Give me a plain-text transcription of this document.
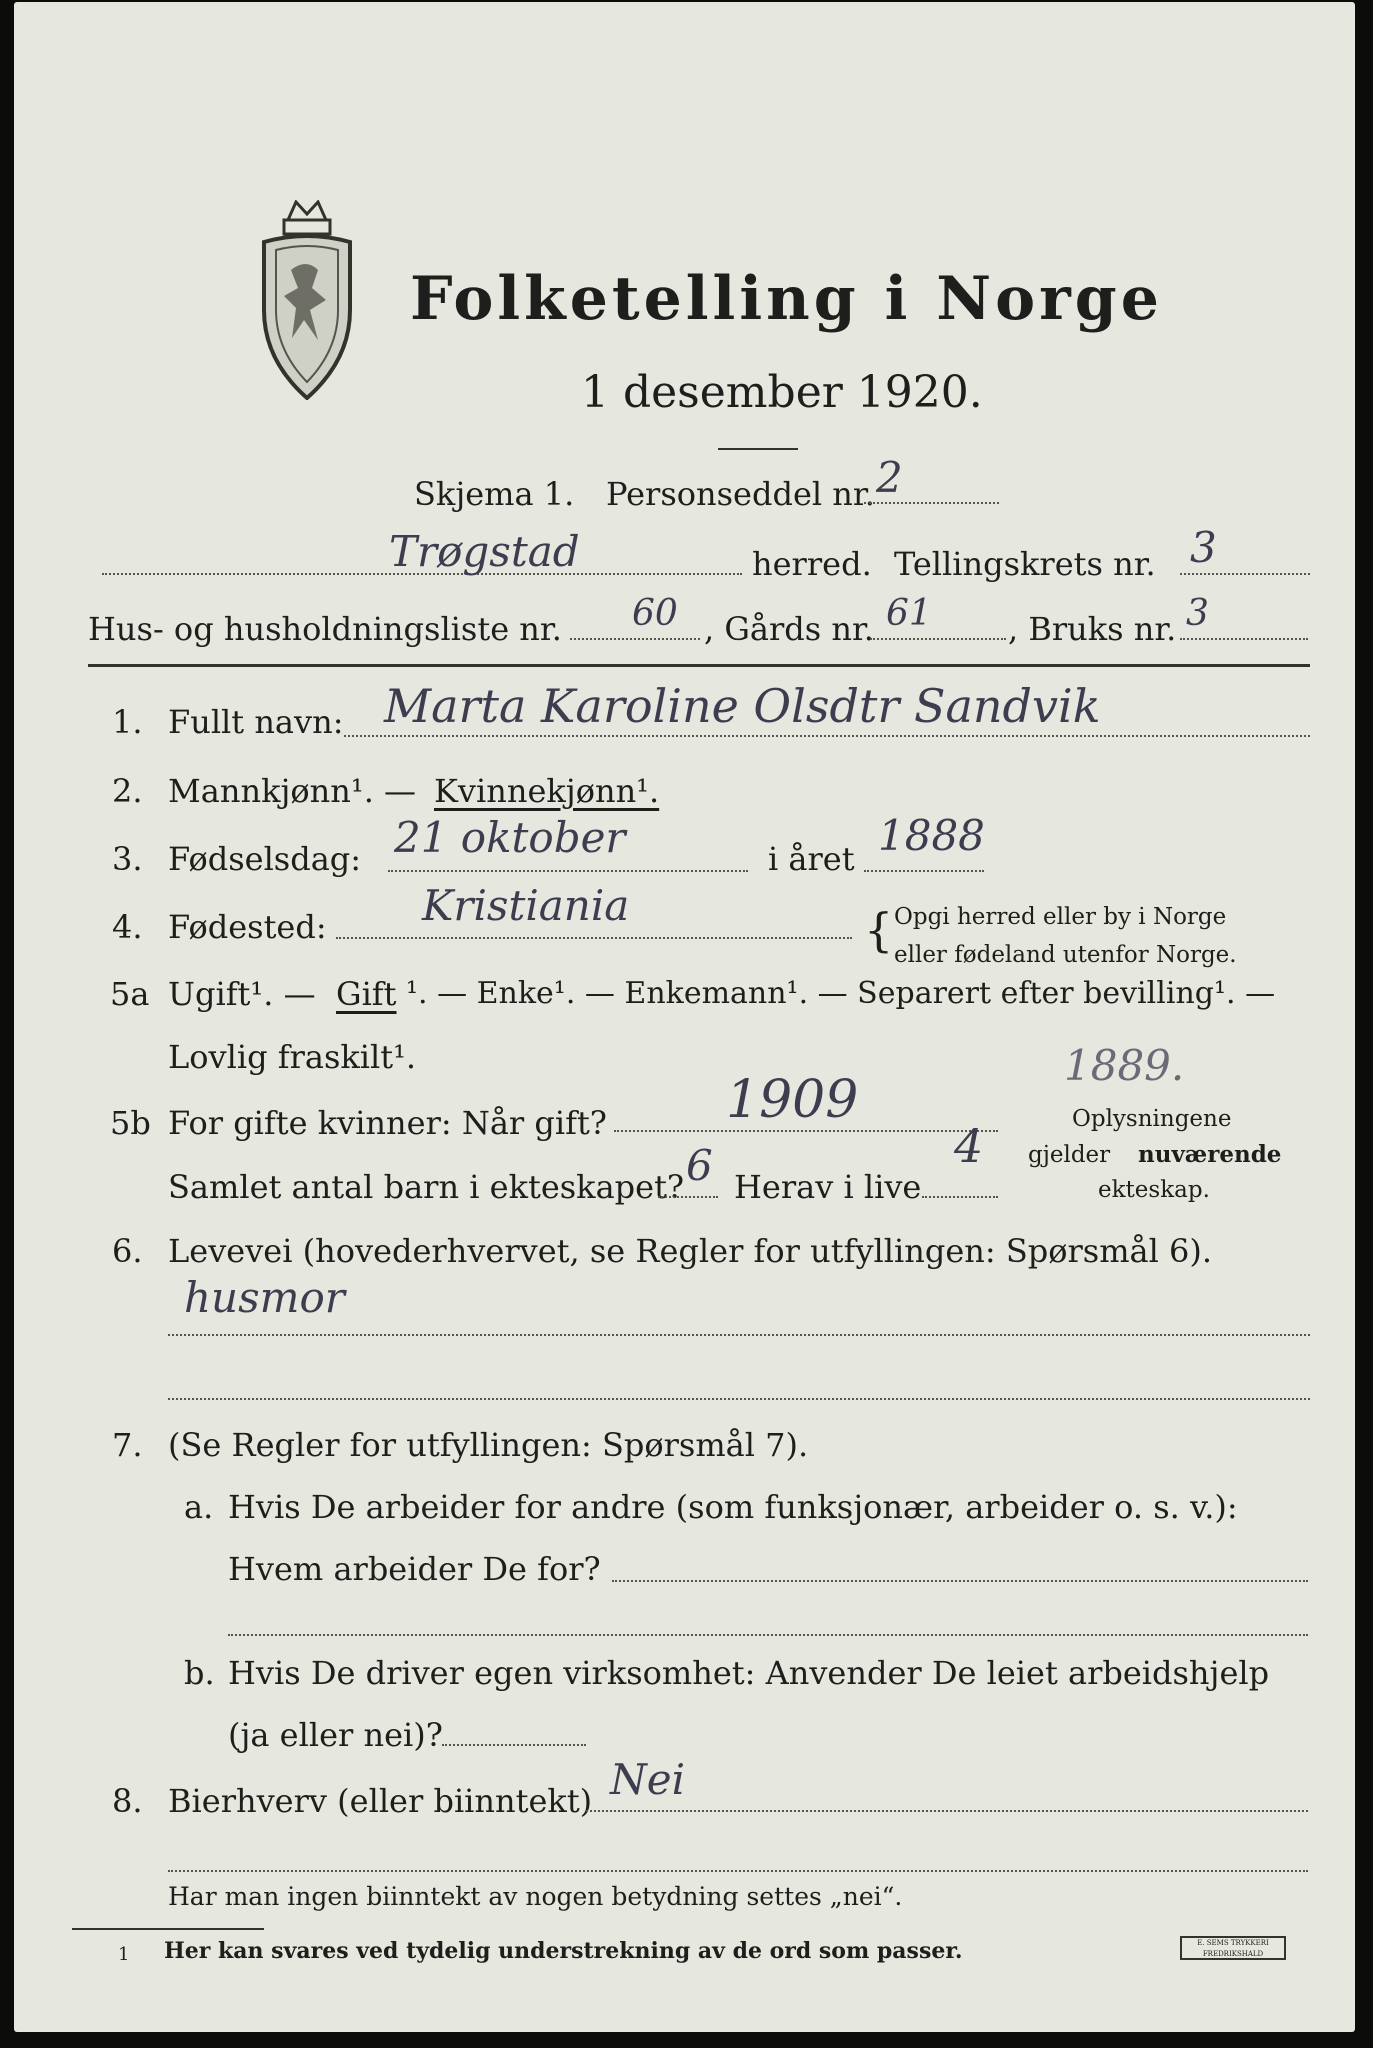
Folketelling i Norge
1 desember 1920.
Skjema 1. Personseddel nr. 2
Trøgstad	herred. Tellingskrets nr. 3
Hus- og husholdningsliste nr. 60 , Gårds nr. 61 , Bruks nr. 3
1. Fullt navn: Marta Karoline Olsdtr Sandvik
2. Mannkjønn¹. — Kvinnekjønn¹.
3. Fødselsdag: 21 oktober	i året 1888
4. Fødested: Kristiania	{ Opgi herred eller by i Norge
eller fødeland utenfor Norge.
5a Ugift¹. — Gift ¹. — Enke¹. — Enkemann¹. — Separert efter bevilling¹. —
Lovlig fraskilt¹.	1889.
5b For gifte kvinner: Når gift? 1909	Oplysningene
gjelder nuværende
ekteskap.
Samlet antal barn i ekteskapet? 6 Herav i live
4
6. Levevei (hovederhvervet, se Regler for utfyllingen: Spørsmål 6).
husmor
7. (Se Regler for utfyllingen: Spørsmål 7).
a. Hvis De arbeider for andre (som funksjonær, arbeider o. s. v.):
Hvem arbeider De for?
b. Hvis De driver egen virksomhet: Anvender De leiet arbeidshjelp
(ja eller nei)?
8. Bierhverv (eller biinntekt) Nei
Har man ingen biinntekt av nogen betydning settes „nei“.
1 Her kan svares ved tydelig understrekning av de ord som passer.	E. SEMS TRYKKERI FREDRIKSHALD
